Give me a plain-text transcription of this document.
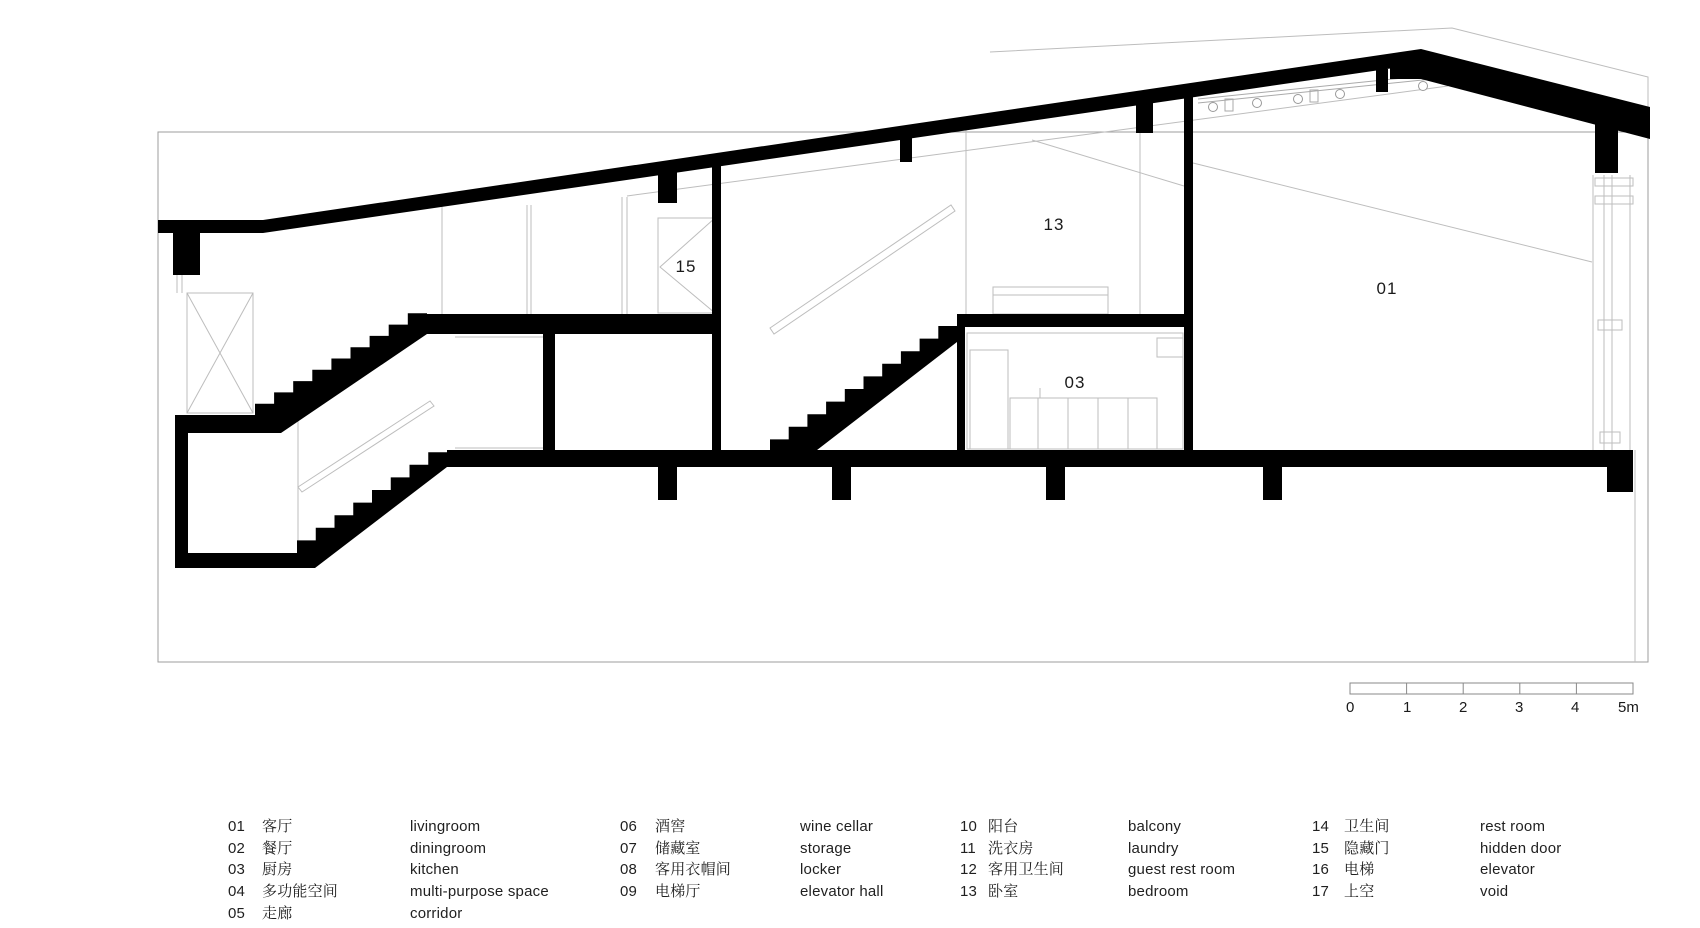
15
13
03
01
0	1	2	3	4	5m
01	客厅	livingroom
02	餐厅	diningroom
03	厨房	kitchen
04	多功能空间	multi-purpose space
05	走廊	corridor
06	酒窖	wine cellar
07	储藏室	storage
08	客用衣帽间	locker
09	电梯厅	elevator hall
10 阳台	balcony
11 洗衣房	laundry
12 客用卫生间	guest rest room
13 卧室	bedroom
14 卫生间	rest room
15 隐藏门	hidden door
16 电梯	elevator
17 上空	void
